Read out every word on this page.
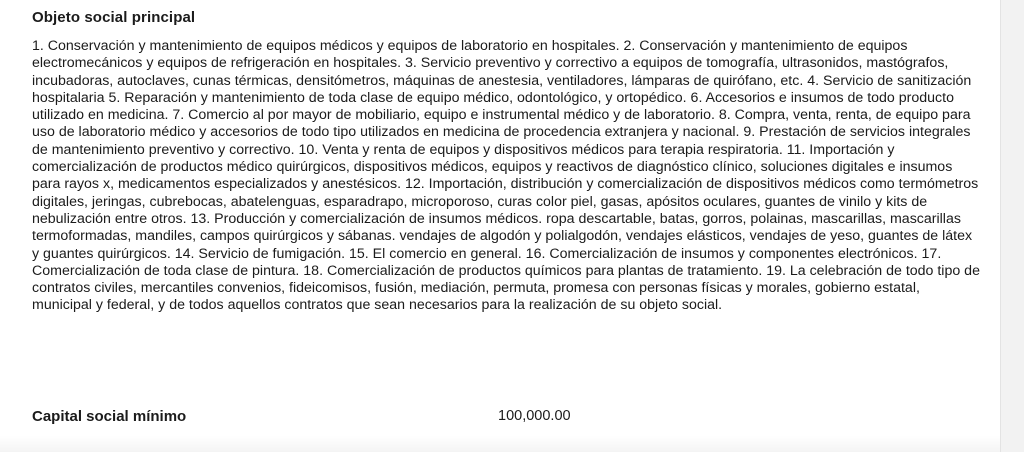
Objeto social principal

1. Conservación y mantenimiento de equipos médicos y equipos de laboratorio en hospitales. 2. Conservación y mantenimiento de equipos electromecánicos y equipos de refrigeración en hospitales. 3. Servicio preventivo y correctivo a equipos de tomografía, ultrasonidos, mastógrafos, incubadoras, autoclaves, cunas térmicas, densitómetros, máquinas de anestesia, ventiladores, lámparas de quirófano, etc. 4. Servicio de sanitización hospitalaria 5. Reparación y mantenimiento de toda clase de equipo médico, odontológico, y ortopédico. 6. Accesorios e insumos de todo producto utilizado en medicina. 7. Comercio al por mayor de mobiliario, equipo e instrumental médico y de laboratorio. 8. Compra, venta, renta, de equipo para uso de laboratorio médico y accesorios de todo tipo utilizados en medicina de procedencia extranjera y nacional. 9. Prestación de servicios integrales de mantenimiento preventivo y correctivo. 10. Venta y renta de equipos y dispositivos médicos para terapia respiratoria. 11. Importación y comercialización de productos médico quirúrgicos, dispositivos médicos, equipos y reactivos de diagnóstico clínico, soluciones digitales e insumos para rayos x, medicamentos especializados y anestésicos. 12. Importación, distribución y comercialización de dispositivos médicos como termómetros digitales, jeringas, cubrebocas, abatelenguas, esparadrapo, microporoso, curas color piel, gasas, apósitos oculares, guantes de vinilo y kits de nebulización entre otros. 13. Producción y comercialización de insumos médicos. ropa descartable, batas, gorros, polainas, mascarillas, mascarillas termoformadas, mandiles, campos quirúrgicos y sábanas. vendajes de algodón y polialgodón, vendajes elásticos, vendajes de yeso, guantes de látex y guantes quirúrgicos. 14. Servicio de fumigación. 15. El comercio en general. 16. Comercialización de insumos y componentes electrónicos. 17. Comercialización de toda clase de pintura. 18. Comercialización de productos químicos para plantas de tratamiento. 19. La celebración de todo tipo de contratos civiles, mercantiles convenios, fideicomisos, fusión, mediación, permuta, promesa con personas físicas y morales, gobierno estatal, municipal y federal, y de todos aquellos contratos que sean necesarios para la realización de su objeto social.

Capital social mínimo	100,000.00
